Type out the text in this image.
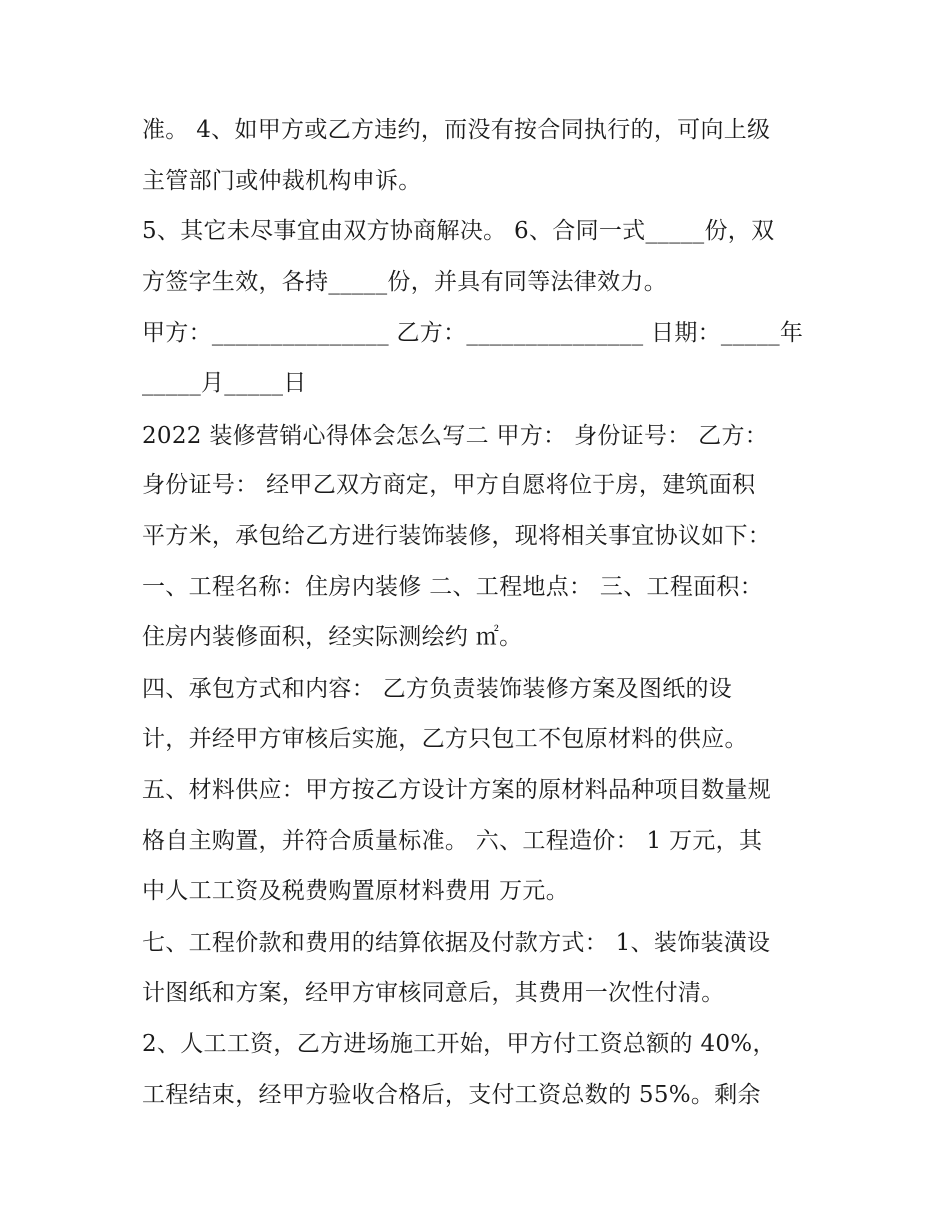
准。 4、如甲方或乙方违约，而没有按合同执行的，可向上级
主管部门或仲裁机构申诉。
5、其它未尽事宜由双方协商解决。 6、合同一式_____份，双
方签字生效，各持_____份，并具有同等法律效力。
甲方：_______________ 乙方：_______________ 日期：_____年
_____月_____日
2022 装修营销心得体会怎么写二 甲方： 身份证号： 乙方：
身份证号： 经甲乙双方商定，甲方自愿将位于房，建筑面积
平方米，承包给乙方进行装饰装修，现将相关事宜协议如下：
一、工程名称：住房内装修 二、工程地点： 三、工程面积：
住房内装修面积，经实际测绘约 ㎡。
四、承包方式和内容： 乙方负责装饰装修方案及图纸的设
计，并经甲方审核后实施，乙方只包工不包原材料的供应。
五、材料供应：甲方按乙方设计方案的原材料品种项目数量规
格自主购置，并符合质量标准。 六、工程造价： 1 万元，其
中人工工资及税费购置原材料费用 万元。
七、工程价款和费用的结算依据及付款方式： 1、装饰装潢设
计图纸和方案，经甲方审核同意后，其费用一次性付清。
2、人工工资，乙方进场施工开始，甲方付工资总额的 40%，
工程结束，经甲方验收合格后，支付工资总数的 55%。剩余
